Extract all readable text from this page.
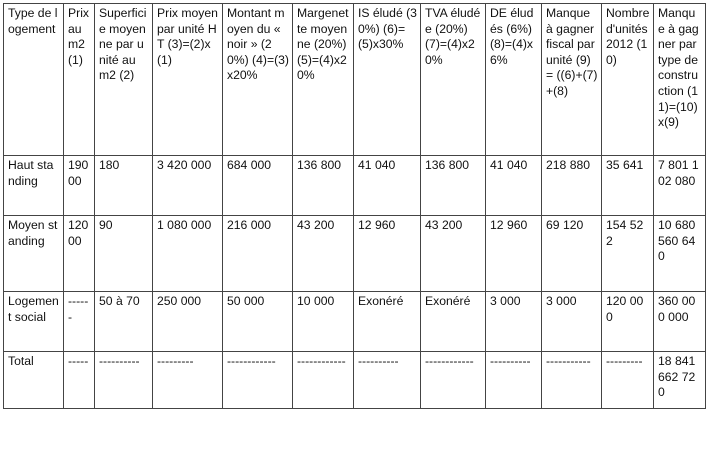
Type de logement	Prix au m2 (1)	Superficie moyenne par unité au m2 (2)	Prix moyen par unité HT (3)=(2)x(1)	Montant moyen du « noir » (20%) (4)=(3)x20%	Margenette moyenne (20%) (5)=(4)x20%	IS éludé (30%) (6)=(5)x30%	TVA éludée (20%) (7)=(4)x20%	DE éludés (6%) (8)=(4)x6%	Manque à gagner fiscal par unité (9) = ((6)+(7)+(8)	Nombre d'unités 2012 (10)	Manque à gagner par type de construction (11)=(10)x(9)
Haut standing	19000	180	3 420 000	684 000	136 800	41 040	136 800	41 040	218 880	35 641	7 801 102 080
Moyen standing	12000	90	1 080 000	216 000	43 200	12 960	43 200	12 960	69 120	154 522	10 680 560 640
Logement social	------	50 à 70	250 000	50 000	10 000	Exonéré	Exonéré	3 000	3 000	120 000	360 000 000
Total	-----	----------	---------	------------	------------	----------	------------	----------	-----------	---------	18 841 662 720
